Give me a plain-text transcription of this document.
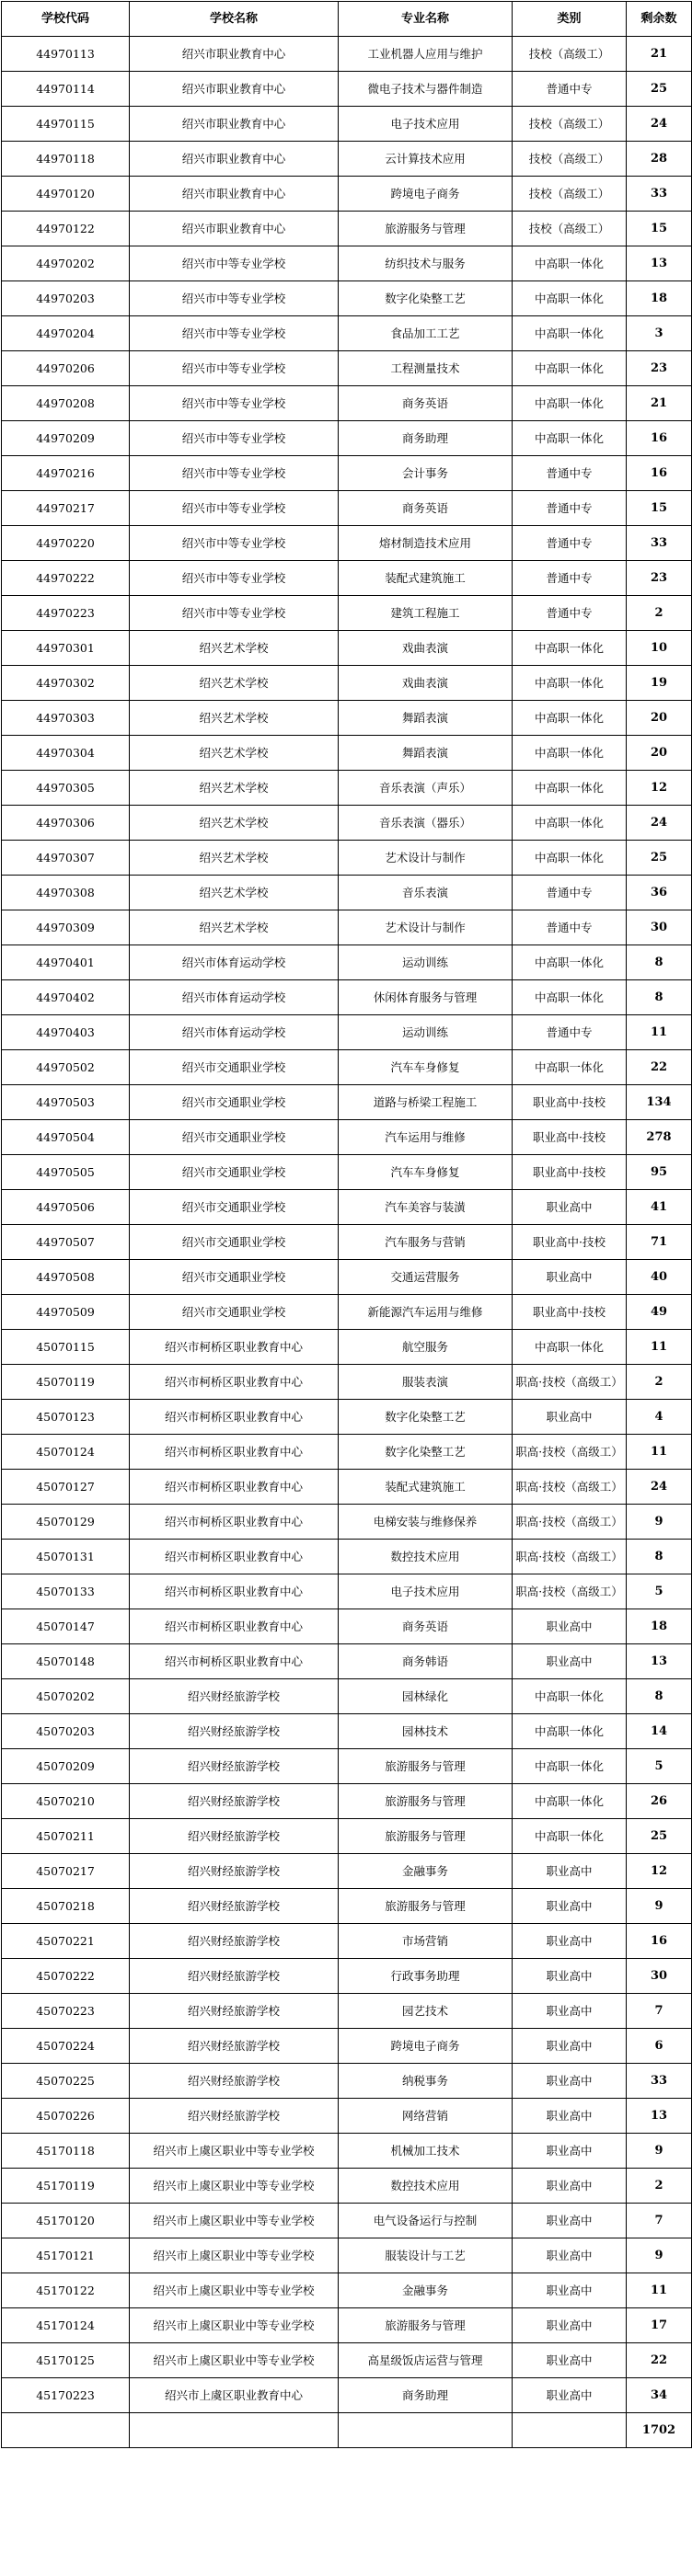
学校代码	学校名称	专业名称	类别	剩余数
44970113	绍兴市职业教育中心	工业机器人应用与维护	技校（高级工）	21
44970114	绍兴市职业教育中心	微电子技术与器件制造	普通中专	25
44970115	绍兴市职业教育中心	电子技术应用	技校（高级工）	24
44970118	绍兴市职业教育中心	云计算技术应用	技校（高级工）	28
44970120	绍兴市职业教育中心	跨境电子商务	技校（高级工）	33
44970122	绍兴市职业教育中心	旅游服务与管理	技校（高级工）	15
44970202	绍兴市中等专业学校	纺织技术与服务	中高职一体化	13
44970203	绍兴市中等专业学校	数字化染整工艺	中高职一体化	18
44970204	绍兴市中等专业学校	食品加工工艺	中高职一体化	3
44970206	绍兴市中等专业学校	工程测量技术	中高职一体化	23
44970208	绍兴市中等专业学校	商务英语	中高职一体化	21
44970209	绍兴市中等专业学校	商务助理	中高职一体化	16
44970216	绍兴市中等专业学校	会计事务	普通中专	16
44970217	绍兴市中等专业学校	商务英语	普通中专	15
44970220	绍兴市中等专业学校	熔材制造技术应用	普通中专	33
44970222	绍兴市中等专业学校	装配式建筑施工	普通中专	23
44970223	绍兴市中等专业学校	建筑工程施工	普通中专	2
44970301	绍兴艺术学校	戏曲表演	中高职一体化	10
44970302	绍兴艺术学校	戏曲表演	中高职一体化	19
44970303	绍兴艺术学校	舞蹈表演	中高职一体化	20
44970304	绍兴艺术学校	舞蹈表演	中高职一体化	20
44970305	绍兴艺术学校	音乐表演（声乐）	中高职一体化	12
44970306	绍兴艺术学校	音乐表演（器乐）	中高职一体化	24
44970307	绍兴艺术学校	艺术设计与制作	中高职一体化	25
44970308	绍兴艺术学校	音乐表演	普通中专	36
44970309	绍兴艺术学校	艺术设计与制作	普通中专	30
44970401	绍兴市体育运动学校	运动训练	中高职一体化	8
44970402	绍兴市体育运动学校	休闲体育服务与管理	中高职一体化	8
44970403	绍兴市体育运动学校	运动训练	普通中专	11
44970502	绍兴市交通职业学校	汽车车身修复	中高职一体化	22
44970503	绍兴市交通职业学校	道路与桥梁工程施工	职业高中·技校	134
44970504	绍兴市交通职业学校	汽车运用与维修	职业高中·技校	278
44970505	绍兴市交通职业学校	汽车车身修复	职业高中·技校	95
44970506	绍兴市交通职业学校	汽车美容与装潢	职业高中	41
44970507	绍兴市交通职业学校	汽车服务与营销	职业高中·技校	71
44970508	绍兴市交通职业学校	交通运营服务	职业高中	40
44970509	绍兴市交通职业学校	新能源汽车运用与维修	职业高中·技校	49
45070115	绍兴市柯桥区职业教育中心	航空服务	中高职一体化	11
45070119	绍兴市柯桥区职业教育中心	服装表演	职高·技校（高级工）	2
45070123	绍兴市柯桥区职业教育中心	数字化染整工艺	职业高中	4
45070124	绍兴市柯桥区职业教育中心	数字化染整工艺	职高·技校（高级工）	11
45070127	绍兴市柯桥区职业教育中心	装配式建筑施工	职高·技校（高级工）	24
45070129	绍兴市柯桥区职业教育中心	电梯安装与维修保养	职高·技校（高级工）	9
45070131	绍兴市柯桥区职业教育中心	数控技术应用	职高·技校（高级工）	8
45070133	绍兴市柯桥区职业教育中心	电子技术应用	职高·技校（高级工）	5
45070147	绍兴市柯桥区职业教育中心	商务英语	职业高中	18
45070148	绍兴市柯桥区职业教育中心	商务韩语	职业高中	13
45070202	绍兴财经旅游学校	园林绿化	中高职一体化	8
45070203	绍兴财经旅游学校	园林技术	中高职一体化	14
45070209	绍兴财经旅游学校	旅游服务与管理	中高职一体化	5
45070210	绍兴财经旅游学校	旅游服务与管理	中高职一体化	26
45070211	绍兴财经旅游学校	旅游服务与管理	中高职一体化	25
45070217	绍兴财经旅游学校	金融事务	职业高中	12
45070218	绍兴财经旅游学校	旅游服务与管理	职业高中	9
45070221	绍兴财经旅游学校	市场营销	职业高中	16
45070222	绍兴财经旅游学校	行政事务助理	职业高中	30
45070223	绍兴财经旅游学校	园艺技术	职业高中	7
45070224	绍兴财经旅游学校	跨境电子商务	职业高中	6
45070225	绍兴财经旅游学校	纳税事务	职业高中	33
45070226	绍兴财经旅游学校	网络营销	职业高中	13
45170118	绍兴市上虞区职业中等专业学校	机械加工技术	职业高中	9
45170119	绍兴市上虞区职业中等专业学校	数控技术应用	职业高中	2
45170120	绍兴市上虞区职业中等专业学校	电气设备运行与控制	职业高中	7
45170121	绍兴市上虞区职业中等专业学校	服装设计与工艺	职业高中	9
45170122	绍兴市上虞区职业中等专业学校	金融事务	职业高中	11
45170124	绍兴市上虞区职业中等专业学校	旅游服务与管理	职业高中	17
45170125	绍兴市上虞区职业中等专业学校	高星级饭店运营与管理	职业高中	22
45170223	绍兴市上虞区职业教育中心	商务助理	职业高中	34
				1702
